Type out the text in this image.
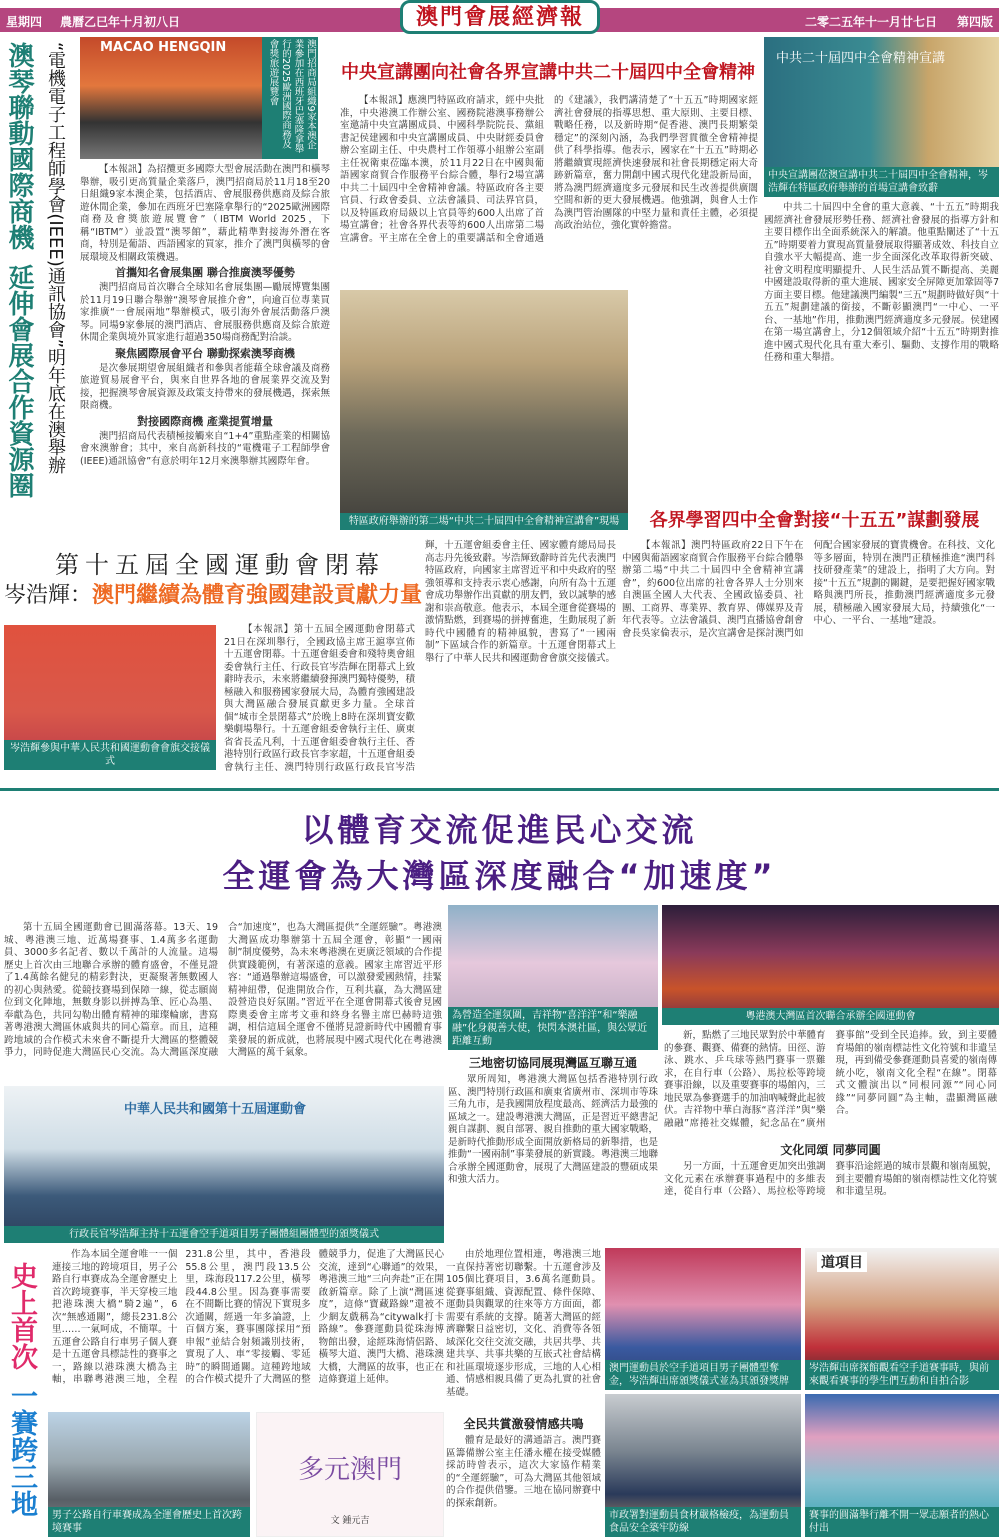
星期四 農曆乙巳年十月初八日	二零二五年十一月廿七日 第四版
澳門會展經濟報
澳琴聯動國際商機延伸會展合作資源圈 “電機電子工程師學會(IEEE)通訊協會”明年底在澳舉辦	MACAO HENGQIN	澳門招商局組織9家本澳企業參加在西班牙巴塞隆拿舉行的2025歐洲國際商務及會獎旅遊展覽會

【本報訊】為招攬更多國際大型會展活動在澳門和橫琴舉辦，吸引更高質量企業落戶，澳門招商局於11月18至20日組織9家本澳企業，包括酒店、會展服務供應商及綜合旅遊休閒企業，參加在西班牙巴塞隆拿舉行的“2025歐洲國際商務及會獎旅遊展覽會”（IBTM World 2025，下稱“IBTM”）並設置“澳琴館”，藉此精準對接海外潛在客商，特別是葡語、西語國家的買家，推介了澳門與橫琴的會展環境及相關政策機遇。

首攜知名會展集團 聯合推廣澳琴優勢

澳門招商局首次聯合全球知名會展集團—勵展博覽集團於11月19日聯合舉辦“澳琴會展推介會”，向逾百位專業買家推廣“一會展兩地”舉辦模式，吸引海外會展活動落戶澳琴。同場9家參展的澳門酒店、會展服務供應商及綜合旅遊休閒企業與境外買家進行超過350場商務配對洽談。

聚焦國際展會平台 聯動探索澳琴商機

是次參展期望會展組織者和參與者能藉全球會議及商務旅遊貿易展會平台，與來自世界各地的會展業界交流及對接，把握澳琴會展資源及政策支持帶來的發展機遇，探索無限商機。

對接國際商機 產業提質增量

澳門招商局代表積極接觸來自“1+4”重點產業的相關協會來澳辦會；其中，來自高新科技的“電機電子工程師學會(IEEE)通訊協會”有意於明年12月來澳舉辦其國際年會。

中央宣講團向社會各界宣講中共二十屆四中全會精神

【本報訊】應澳門特區政府請求，經中央批准，中央港澳工作辦公室、國務院港澳事務辦公室邀請中央宣講團成員、中國科學院院長、黨組書記侯建國和中央宣講團成員、中央財經委員會辦公室副主任、中央農村工作領導小組辦公室副主任祝衛東莅臨本澳，於11月22日在中國與葡語國家商貿合作服務平台綜合體，舉行2場宣講中共二十屆四中全會精神會議。特區政府各主要官員、行政會委員、立法會議員、司法界官員，以及特區政府局級以上官員等約600人出席了首場宣講會；社會各界代表等約600人出席第二場宣講會。平主席在全會上的重要講話和全會通過的《建議》，我們講清楚了“十五五”時期國家經濟社會發展的指導思想、重大原則、主要目標、戰略任務，以及新時期“促香港、澳門長期繁榮穩定”的深刻內涵，為我們學習貫徹全會精神提供了科學指導。他表示，國家在“十五五”時期必將繼續實現經濟快速發展和社會長期穩定兩大奇跡新篇章，奮力開創中國式現代化建設新局面，將為澳門經濟適度多元發展和民生改善提供廣闊空間和新的更大發展機遇。他強調，與會人士作為澳門管治團隊的中堅力量和責任主體，必須提高政治站位，強化實幹擔當。

特區政府舉辦的第二場“中共二十屆四中全會精神宣講會”現場
中共二十屆四中全會精神宣講
中央宣講團莅澳宣講中共二十屆四中全會精神，岑浩輝在特區政府舉辦的首場宣講會致辭

中共二十屆四中全會的重大意義、“十五五”時期我國經濟社會發展形勢任務、經濟社會發展的指導方針和主要目標作出全面系統深入的解讀。他重點闡述了“十五五”時期要着力實現高質量發展取得顯著成效、科技自立自強水平大幅提高、進一步全面深化改革取得新突破、社會文明程度明顯提升、人民生活品質不斷提高、美麗中國建設取得新的重大進展、國家安全屏障更加鞏固等7方面主要目標。他建議澳門編製“三五”規劃時做好與“十五五”規劃建議的銜接，不斷彰顯澳門“一中心、一平台、一基地”作用，推動澳門經濟適度多元發展。侯建國在第一場宣講會上，分12個領域介紹“十五五”時期對推進中國式現代化具有重大牽引、驅動、支撐作用的戰略任務和重大舉措。

各界學習四中全會對接“十五五”謀劃發展

【本報訊】澳門特區政府22日下午在中國與葡語國家商貿合作服務平台綜合體舉辦第二場“中共二十屆四中全會精神宣講會”，約600位出席的社會各界人士分別來自澳區全國人大代表、全國政協委員、社團、工商界、專業界、教育界、傳媒界及青年代表等。立法會議員、澳門直播協會創會會長吳家倫表示，是次宣講會是探討澳門如何配合國家發展的寶貴機會。在科技、文化等多層面，特別在澳門正積極推進“澳門科技研發產業”的建設上，指明了大方向。對接“十五五”規劃的關鍵，是要把握好國家戰略與澳門所長，推動澳門經濟適度多元發展，積極融入國家發展大局，持續強化“一中心、一平台、一基地”建設。

第十五屆全國運動會閉幕
岑浩輝：澳門繼續為體育強國建設貢獻力量
岑浩輝參與中華人民共和國運動會會旗交接儀式

【本報訊】第十五屆全國運動會閉幕式21日在深圳舉行，全國政協主席王滬寧宣佈十五運會閉幕。十五運會組委會和殘特奧會組委會執行主任、行政長官岑浩輝在閉幕式上致辭時表示，未來將繼續發揮澳門獨特優勢，積極融入和服務國家發展大局，為體育強國建設與大灣區融合發展貢獻更多力量。全球首個“城市全景閉幕式”於晚上8時在深圳寶安歡樂劇場舉行。十五運會組委會執行主任、廣東省省長孟凡利，十五運會組委會執行主任、香港特別行政區行政長官李家超，十五運會組委會執行主任、澳門特別行政區行政長官岑浩輝，十五運會組委會主任、國家體育總局局長高志丹先後致辭。岑浩輝致辭時首先代表澳門特區政府，向國家主席習近平和中央政府的堅強領導和支持表示衷心感謝，向所有為十五運會成功舉辦作出貢獻的朋友們，致以誠摯的感謝和崇高敬意。他表示，本屆全運會從賽場的激情點燃，到賽場的拼搏奮進，生動展現了新時代中國體育的精神風貌，書寫了“一國兩制”下區域合作的新篇章。十五運會閉幕式上舉行了中華人民共和國運動會會旗交接儀式。

以體育交流促進民心交流
全運會為大灣區深度融合“加速度”

第十五屆全國運動會已圓滿落幕。13天、19城、粵港澳三地、近萬場賽事、1.4萬多名運動員、3000多名記者、數以千萬計的人流量。這場歷史上首次由三地聯合承辦的體育盛會，不僅見證了1.4萬餘名健兒的精彩對決，更凝聚著無數國人的初心與熱愛。從競技賽場到保障一線，從志願崗位到文化陣地，無數身影以拼搏為筆、匠心為墨、奉獻為色，共同勾勒出體育精神的璀璨輪廓，書寫著粵港澳大灣區休戚與共的同心篇章。而且，這種跨地域的合作模式未來會不斷提升大灣區的整體競爭力，同時促進大灣區民心交流。為大灣區深度融合“加速度”，也為大灣區提供“全運經驗”。粵港澳大灣區成功舉辦第十五屆全運會，彰顯“一國兩制”制度優勢，為未來粵港澳在更廣泛領域的合作提供實踐範例，有著深遠的意義。國家主席習近平形容：“通過舉辦這場盛會，可以激發愛國熱情，挂緊精神紐帶，促進開放合作，互利共贏，為大灣區建設營造良好氛圍。”習近平在全運會開幕式後會見國際奧委會主席考文垂和終身名譽主席巴赫時這強調，相信這屆全運會不僅將見證新時代中國體育事業發展的新成就，也將展現中國式現代化在粵港澳大灣區的萬千氣象。

為營造全運氛圍，吉祥物“喜洋洋”和“樂融融”化身親善大使，快閃本澳社區，與公眾近距離互動
三地密切協同展現灣區互聯互通

眾所周知，粵港澳大灣區包括香港特別行政區、澳門特別行政區和廣東省廣州市、深圳市等珠三角九市，是我國開放程度最高、經濟活力最強的區域之一。建設粵港澳大灣區，正是習近平總書記親自謀劃、親自部署、親自推動的重大國家戰略，是新時代推動形成全面開放新格局的新舉措，也是推動“一國兩制”事業發展的新實踐。粵港澳三地聯合承辦全國運動會，展現了大灣區建設的豐碩成果和強大活力。

粵港澳大灣區首次聯合承辦全國運動會

新，點燃了三地民眾對於中華體育的參賽、觀賽、備賽的熱情。田徑、游泳、跳水、乒乓球等熱門賽事一票難求，在自行車（公路）、馬拉松等跨境賽事沿線，以及重要賽事的場館內，三地民眾為參賽選手的加油吶喊聲此起彼伏。吉祥物中華白海豚“喜洋洋”與“樂融融”席捲社交媒體，紀念品在“廣州賽事館”受到全民追捧。致，到主要體育場館的嶺南標誌性文化符號和非遺呈現，再到備受參賽運動員喜愛的嶺南傳統小吃，嶺南文化全程“在線”。閉幕式文體演出以“同根同源”“同心同緣”“同夢同圓”為主軸，盡顯灣區融合。

文化同頌 同夢同圓

另一方面，十五運會更加突出強調文化元素在承辦賽事過程中的多維表達，從自行車（公路）、馬拉松等跨境賽事沿途經過的城市景觀和嶺南風貌，到主要體育場館的嶺南標誌性文化符號和非遺呈現。

中華人民共和國第十五屆運動會
行政長官岑浩輝主持十五運會空手道項目男子團體組團體型的頒獎儀式
史上首次一賽跨三地

作為本屆全運會唯一一個連接三地的跨境項目，男子公路自行車賽成為全運會歷史上首次跨境賽事，半天穿梭三地把港珠澳大橋“騎2遍”，6次“無感通關”，總長231.8公里……一氣呵成，不簡單。十五運會公路自行車男子個人賽是十五運會具標誌性的賽事之一，路線以港珠澳大橋為主軸，串聯粵港澳三地，全程231.8公里，其中，香港段55.8公里，澳門段13.5公里，珠海段117.2公里，橫琴段44.8公里。因為賽事需要在不間斷比賽的情況下實現多次通關，經過一年多論證，上百個方案，賽事團隊採用“預申報”並結合射頻識別技術，實現了人、車“零接觸、零延時”的瞬間通關。這種跨地域的合作模式提升了大灣區的整體競爭力，促進了大灣區民心交流，達到“心聯通”的效果，粵港澳三地“三向奔赴”正在開啟新篇章。除了上演“灣區速度”，這條“寶藏路線”還被不少網友戲稱為“citywalk打卡路線”。參賽運動員從珠海博物館出發，途經珠海情侶路、橫琴大道、澳門大橋、港珠澳大橋，大灣區的故事，也正在這條賽道上延伸。

男子公路自行車賽成為全運會歷史上首次跨境賽事
多元澳門
文 鍾元吉

由於地理位置相連，粵港澳三地一直保持著密切聯繫。十五運會涉及105個比賽項目，3.6萬名運動員。從賽事組織、資源配置、條件保障、運動員與觀眾的往來等方方面面，都需要有系統的支撐。隨著大灣區的經濟聯繫日益密切，文化、消費等各領域深化交往交流交融，共居共學、共建共享、共事共樂的互嵌式社會結構和社區環境逐步形成，三地的人心相通、情感相親具備了更為扎實的社會基礎。

全民共賞激發情感共鳴

體育是最好的溝通語言。澳門賽區籌備辦公室主任潘永權在接受媒體採訪時曾表示，這次大家協作精業的“全運經驗”，可為大灣區其他領域的合作提供借鑒。三地在協同辦賽中的探索創新。

澳門運動員於空手道項目男子團體型奪金，岑浩輝出席頒獎儀式並為其頒發獎牌
道項目
岑浩輝出席探館觀看空手道賽事時，與前來觀看賽事的學生們互動和自拍合影
市政署對運動員食材嚴格檢疫，為運動員食品安全築牢防線
賽事的圓滿舉行離不開一眾志願者的熱心付出
